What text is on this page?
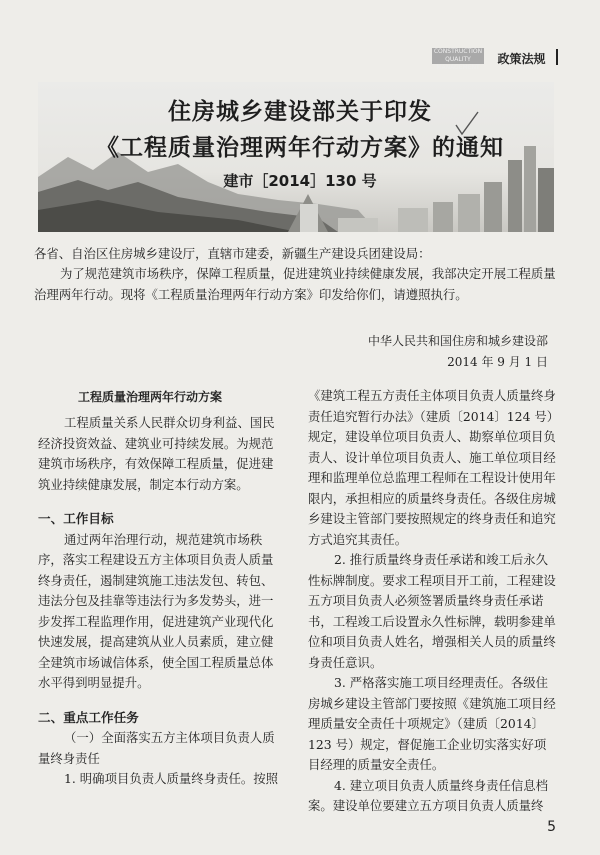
CONSTRUCTION QUALITY MANAGEMENT
政策法规
住房城乡建设部关于印发
《工程质量治理两年行动方案》的通知
建市［2014］130 号
各省、自治区住房城乡建设厅，直辖市建委，新疆生产建设兵团建设局：
为了规范建筑市场秩序，保障工程质量，促进建筑业持续健康发展，我部决定开展工程质量治理两年行动。现将《工程质量治理两年行动方案》印发给你们，请遵照执行。
中华人民共和国住房和城乡建设部
2014 年 9 月 1 日
工程质量治理两年行动方案
工程质量关系人民群众切身利益、国民经济投资效益、建筑业可持续发展。为规范建筑市场秩序，有效保障工程质量，促进建筑业持续健康发展，制定本行动方案。
一、工作目标
通过两年治理行动，规范建筑市场秩序，落实工程建设五方主体项目负责人质量终身责任，遏制建筑施工违法发包、转包、违法分包及挂靠等违法行为多发势头，进一步发挥工程监理作用，促进建筑产业现代化快速发展，提高建筑从业人员素质，建立健全建筑市场诚信体系，使全国工程质量总体水平得到明显提升。
二、重点工作任务
（一）全面落实五方主体项目负责人质量终身责任
1. 明确项目负责人质量终身责任。按照
《建筑工程五方责任主体项目负责人质量终身责任追究暂行办法》（建质〔2014〕124 号）规定，建设单位项目负责人、勘察单位项目负责人、设计单位项目负责人、施工单位项目经理和监理单位总监理工程师在工程设计使用年限内，承担相应的质量终身责任。各级住房城乡建设主管部门要按照规定的终身责任和追究方式追究其责任。
2. 推行质量终身责任承诺和竣工后永久性标牌制度。要求工程项目开工前，工程建设五方项目负责人必须签署质量终身责任承诺书，工程竣工后设置永久性标牌，载明参建单位和项目负责人姓名，增强相关人员的质量终身责任意识。
3. 严格落实施工项目经理责任。各级住房城乡建设主管部门要按照《建筑施工项目经理质量安全责任十项规定》（建质〔2014〕123 号）规定，督促施工企业切实落实好项目经理的质量安全责任。
4. 建立项目负责人质量终身责任信息档案。建设单位要建立五方项目负责人质量终
5
